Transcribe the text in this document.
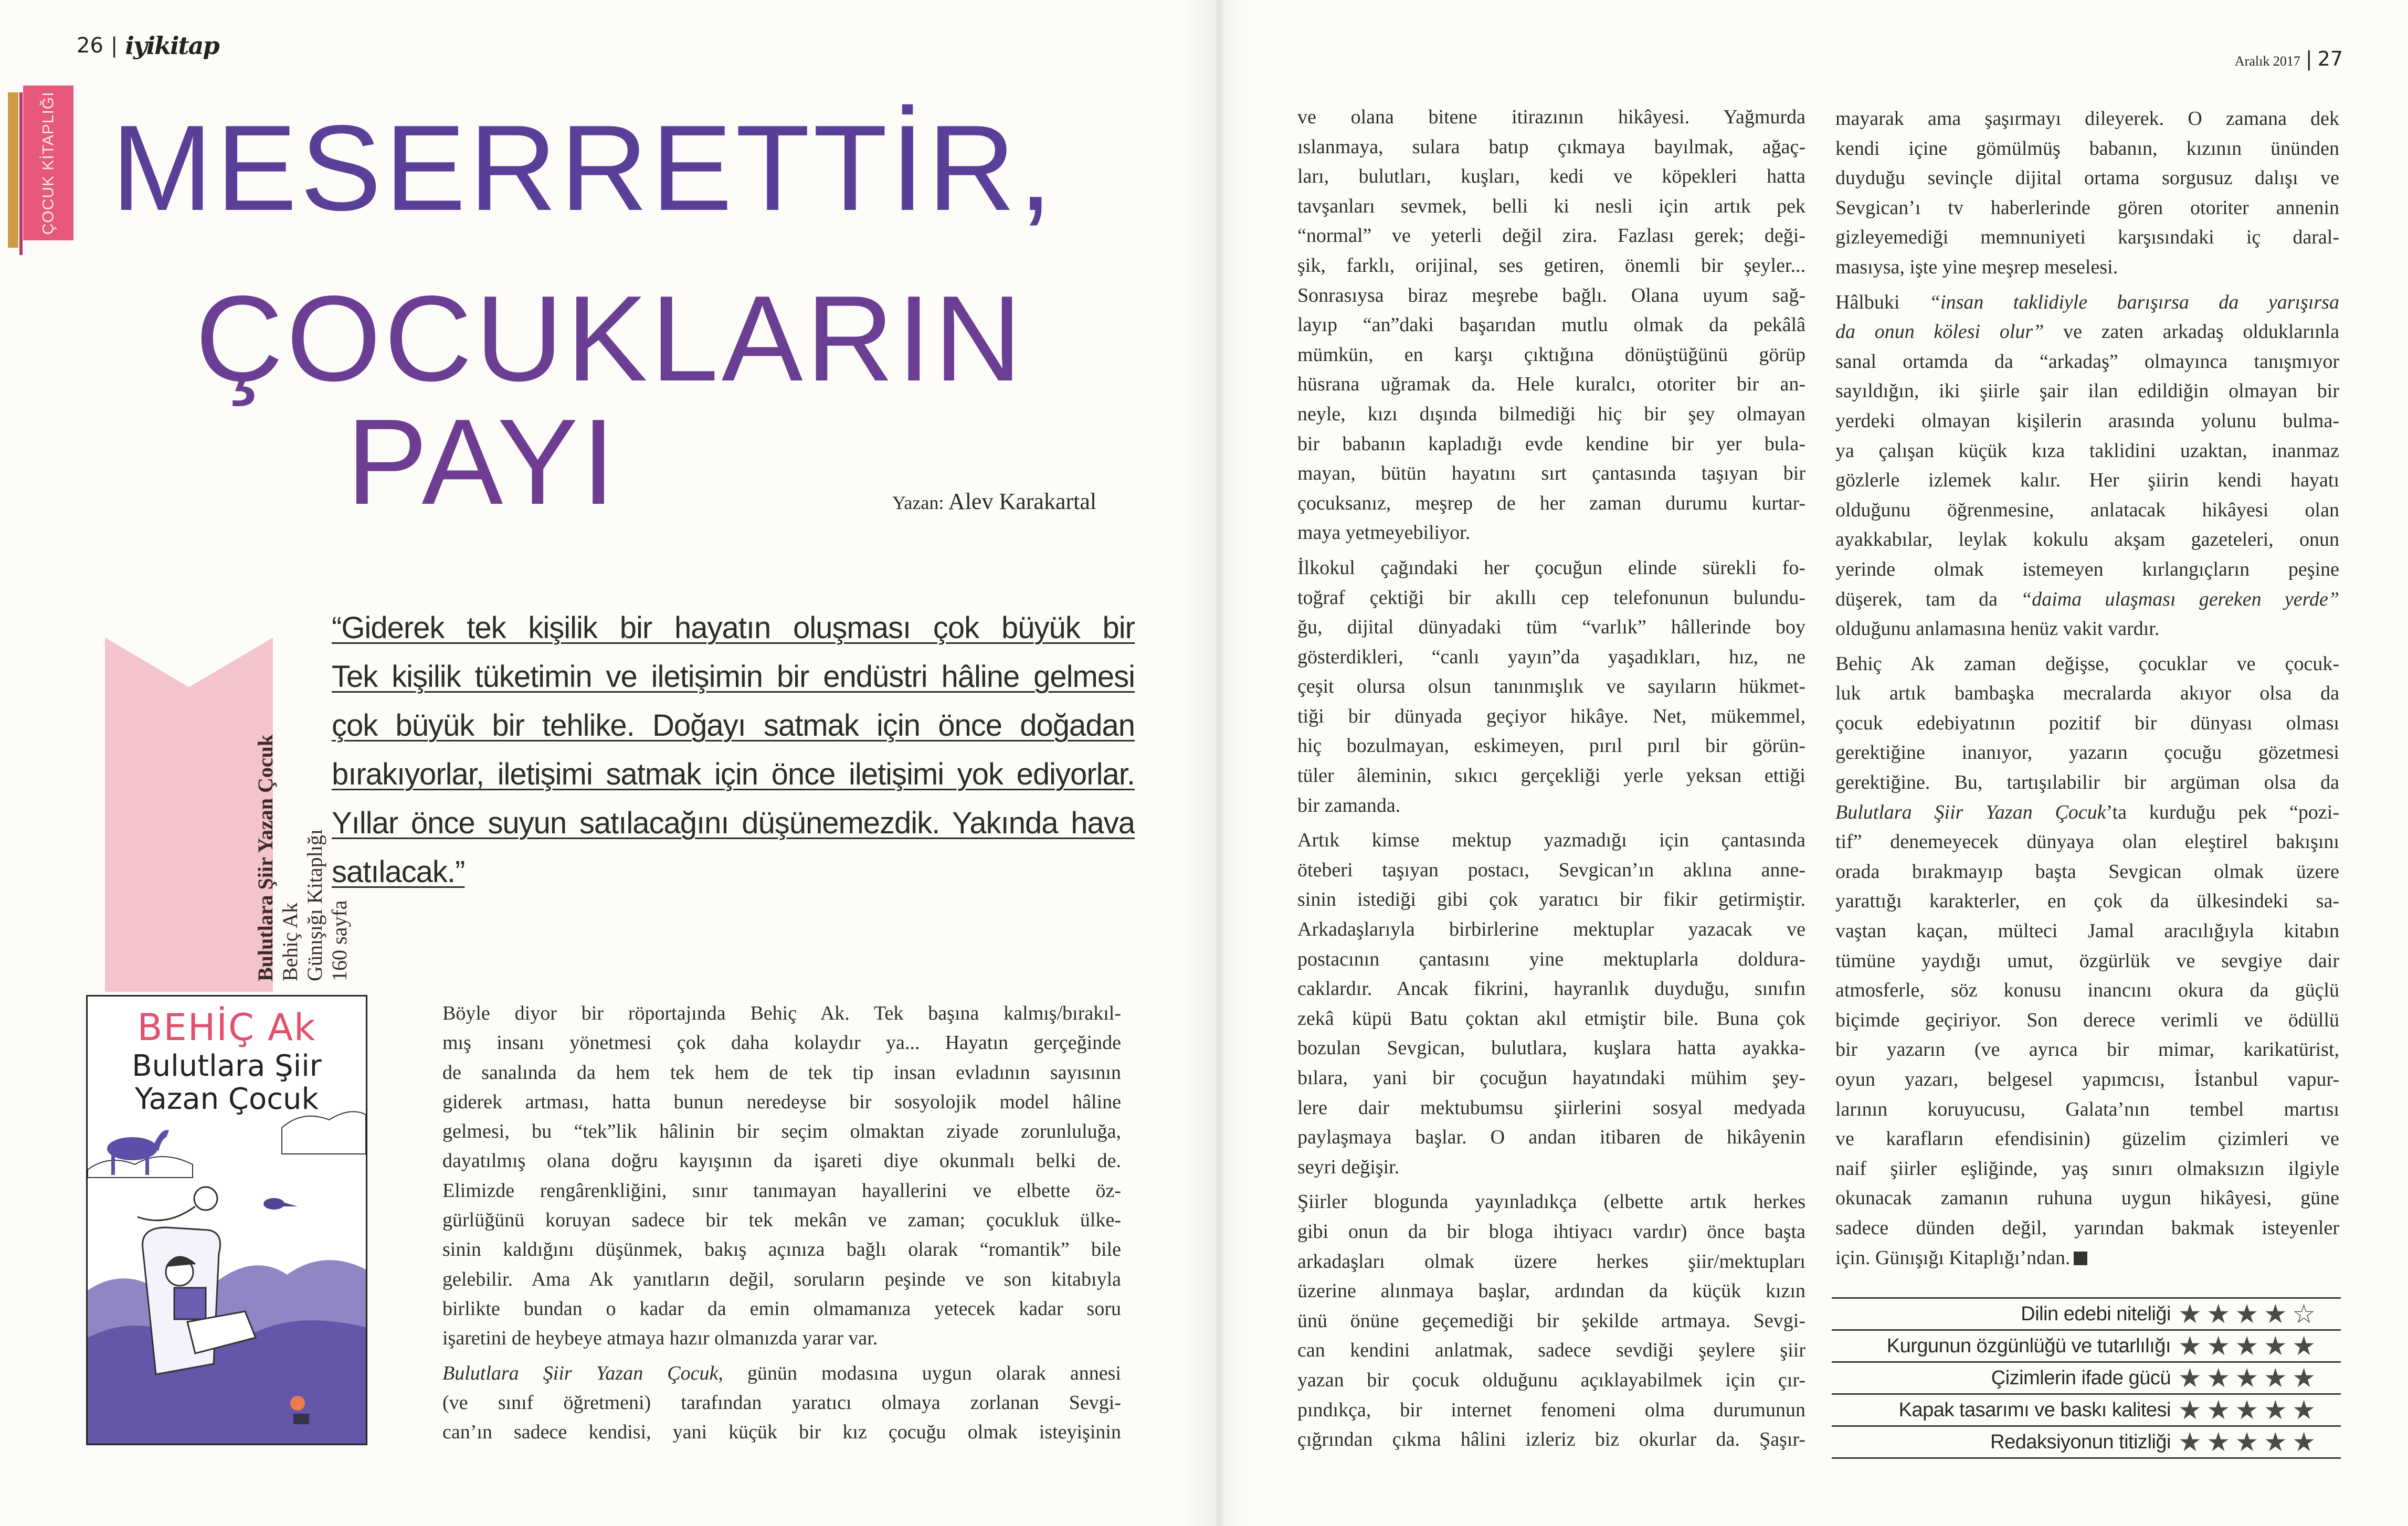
26 | iyikitap
Aralık 2017 | 27
ÇOCUK KİTAPLIĞI MESERRETTİR,
ÇOCUKLARIN
PAYI	Yazan: Alev Karakartal
Bulutlara Şiir Yazan Çocuk Behiç Ak Günışığı Kitaplığı 160 sayfa
“Giderek tek kişilik bir hayatın oluşması çok büyük bir
Tek kişilik tüketimin ve iletişimin bir endüstri hâline gelmesi
çok büyük bir tehlike. Doğayı satmak için önce doğadan
bırakıyorlar, iletişimi satmak için önce iletişimi yok ediyorlar.
Yıllar önce suyun satılacağını düşünemezdik. Yakında hava
satılacak.”
BEHİÇ Ak
Bulutlara Şiir
Yazan Çocuk
Böyle diyor bir röportajında Behiç Ak. Tek başına kalmış/bırakıl-
mış insanı yönetmesi çok daha kolaydır ya... Hayatın gerçeğinde
de sanalında da hem tek hem de tek tip insan evladının sayısının
giderek artması, hatta bunun neredeyse bir sosyolojik model hâline
gelmesi, bu “tek”lik hâlinin bir seçim olmaktan ziyade zorunluluğa,
dayatılmış olana doğru kayışının da işareti diye okunmalı belki de.
Elimizde rengârenkliğini, sınır tanımayan hayallerini ve elbette öz-
gürlüğünü koruyan sadece bir tek mekân ve zaman; çocukluk ülke-
sinin kaldığını düşünmek, bakış açınıza bağlı olarak “romantik” bile
gelebilir. Ama Ak yanıtların değil, soruların peşinde ve son kitabıyla
birlikte bundan o kadar da emin olmamanıza yetecek kadar soru
işaretini de heybeye atmaya hazır olmanızda yarar var.
Bulutlara Şiir Yazan Çocuk, günün modasına uygun olarak annesi
(ve sınıf öğretmeni) tarafından yaratıcı olmaya zorlanan Sevgi-
can’ın sadece kendisi, yani küçük bir kız çocuğu olmak isteyişinin
ve olana bitene itirazının hikâyesi. Yağmurda
ıslanmaya, sulara batıp çıkmaya bayılmak, ağaç-
ları, bulutları, kuşları, kedi ve köpekleri hatta
tavşanları sevmek, belli ki nesli için artık pek
“normal” ve yeterli değil zira. Fazlası gerek; deği-
şik, farklı, orijinal, ses getiren, önemli bir şeyler...
Sonrasıysa biraz meşrebe bağlı. Olana uyum sağ-
layıp “an”daki başarıdan mutlu olmak da pekâlâ
mümkün, en karşı çıktığına dönüştüğünü görüp
hüsrana uğramak da. Hele kuralcı, otoriter bir an-
neyle, kızı dışında bilmediği hiç bir şey olmayan
bir babanın kapladığı evde kendine bir yer bula-
mayan, bütün hayatını sırt çantasında taşıyan bir
çocuksanız, meşrep de her zaman durumu kurtar-
maya yetmeyebiliyor.
İlkokul çağındaki her çocuğun elinde sürekli fo-
toğraf çektiği bir akıllı cep telefonunun bulundu-
ğu, dijital dünyadaki tüm “varlık” hâllerinde boy
gösterdikleri, “canlı yayın”da yaşadıkları, hız, ne
çeşit olursa olsun tanınmışlık ve sayıların hükmet-
tiği bir dünyada geçiyor hikâye. Net, mükemmel,
hiç bozulmayan, eskimeyen, pırıl pırıl bir görün-
tüler âleminin, sıkıcı gerçekliği yerle yeksan ettiği
bir zamanda.
Artık kimse mektup yazmadığı için çantasında
öteberi taşıyan postacı, Sevgican’ın aklına anne-
sinin istediği gibi çok yaratıcı bir fikir getirmiştir.
Arkadaşlarıyla birbirlerine mektuplar yazacak ve
postacının çantasını yine mektuplarla doldura-
caklardır. Ancak fikrini, hayranlık duyduğu, sınıfın
zekâ küpü Batu çoktan akıl etmiştir bile. Buna çok
bozulan Sevgican, bulutlara, kuşlara hatta ayakka-
bılara, yani bir çocuğun hayatındaki mühim şey-
lere dair mektubumsu şiirlerini sosyal medyada
paylaşmaya başlar. O andan itibaren de hikâyenin
seyri değişir.
Şiirler blogunda yayınladıkça (elbette artık herkes
gibi onun da bir bloga ihtiyacı vardır) önce başta
arkadaşları olmak üzere herkes şiir/mektupları
üzerine alınmaya başlar, ardından da küçük kızın
ünü önüne geçemediği bir şekilde artmaya. Sevgi-
can kendini anlatmak, sadece sevdiği şeylere şiir
yazan bir çocuk olduğunu açıklayabilmek için çır-
pındıkça, bir internet fenomeni olma durumunun
çığrından çıkma hâlini izleriz biz okurlar da. Şaşır-
mayarak ama şaşırmayı dileyerek. O zamana dek
kendi içine gömülmüş babanın, kızının ününden
duyduğu sevinçle dijital ortama sorgusuz dalışı ve
Sevgican’ı tv haberlerinde gören otoriter annenin
gizleyemediği memnuniyeti karşısındaki iç daral-
masıysa, işte yine meşrep meselesi.
Hâlbuki “insan taklidiyle barışırsa da yarışırsa
da onun kölesi olur” ve zaten arkadaş olduklarınla
sanal ortamda da “arkadaş” olmayınca tanışmıyor
sayıldığın, iki şiirle şair ilan edildiğin olmayan bir
yerdeki olmayan kişilerin arasında yolunu bulma-
ya çalışan küçük kıza taklidini uzaktan, inanmaz
gözlerle izlemek kalır. Her şiirin kendi hayatı
olduğunu öğrenmesine, anlatacak hikâyesi olan
ayakkabılar, leylak kokulu akşam gazeteleri, onun
yerinde olmak istemeyen kırlangıçların peşine
düşerek, tam da “daima ulaşması gereken yerde”
olduğunu anlamasına henüz vakit vardır.
Behiç Ak zaman değişse, çocuklar ve çocuk-
luk artık bambaşka mecralarda akıyor olsa da
çocuk edebiyatının pozitif bir dünyası olması
gerektiğine inanıyor, yazarın çocuğu gözetmesi
gerektiğine. Bu, tartışılabilir bir argüman olsa da
Bulutlara Şiir Yazan Çocuk’ta kurduğu pek “pozi-
tif” denemeyecek dünyaya olan eleştirel bakışını
orada bırakmayıp başta Sevgican olmak üzere
yarattığı karakterler, en çok da ülkesindeki sa-
vaştan kaçan, mülteci Jamal aracılığıyla kitabın
tümüne yaydığı umut, özgürlük ve sevgiye dair
atmosferle, söz konusu inancını okura da güçlü
biçimde geçiriyor. Son derece verimli ve ödüllü
bir yazarın (ve ayrıca bir mimar, karikatürist,
oyun yazarı, belgesel yapımcısı, İstanbul vapur-
larının koruyucusu, Galata’nın tembel martısı
ve karafların efendisinin) güzelim çizimleri ve
naif şiirler eşliğinde, yaş sınırı olmaksızın ilgiyle
okunacak zamanın ruhuna uygun hikâyesi, güne
sadece dünden değil, yarından bakmak isteyenler
için. Günışığı Kitaplığı’ndan.
Dilin edebi niteliği ★ ★ ★ ★ ☆
Kurgunun özgünlüğü ve tutarlılığı ★ ★ ★ ★ ★
Çizimlerin ifade gücü ★ ★ ★ ★ ★
Kapak tasarımı ve baskı kalitesi ★ ★ ★ ★ ★
Redaksiyonun titizliği ★ ★ ★ ★ ★
